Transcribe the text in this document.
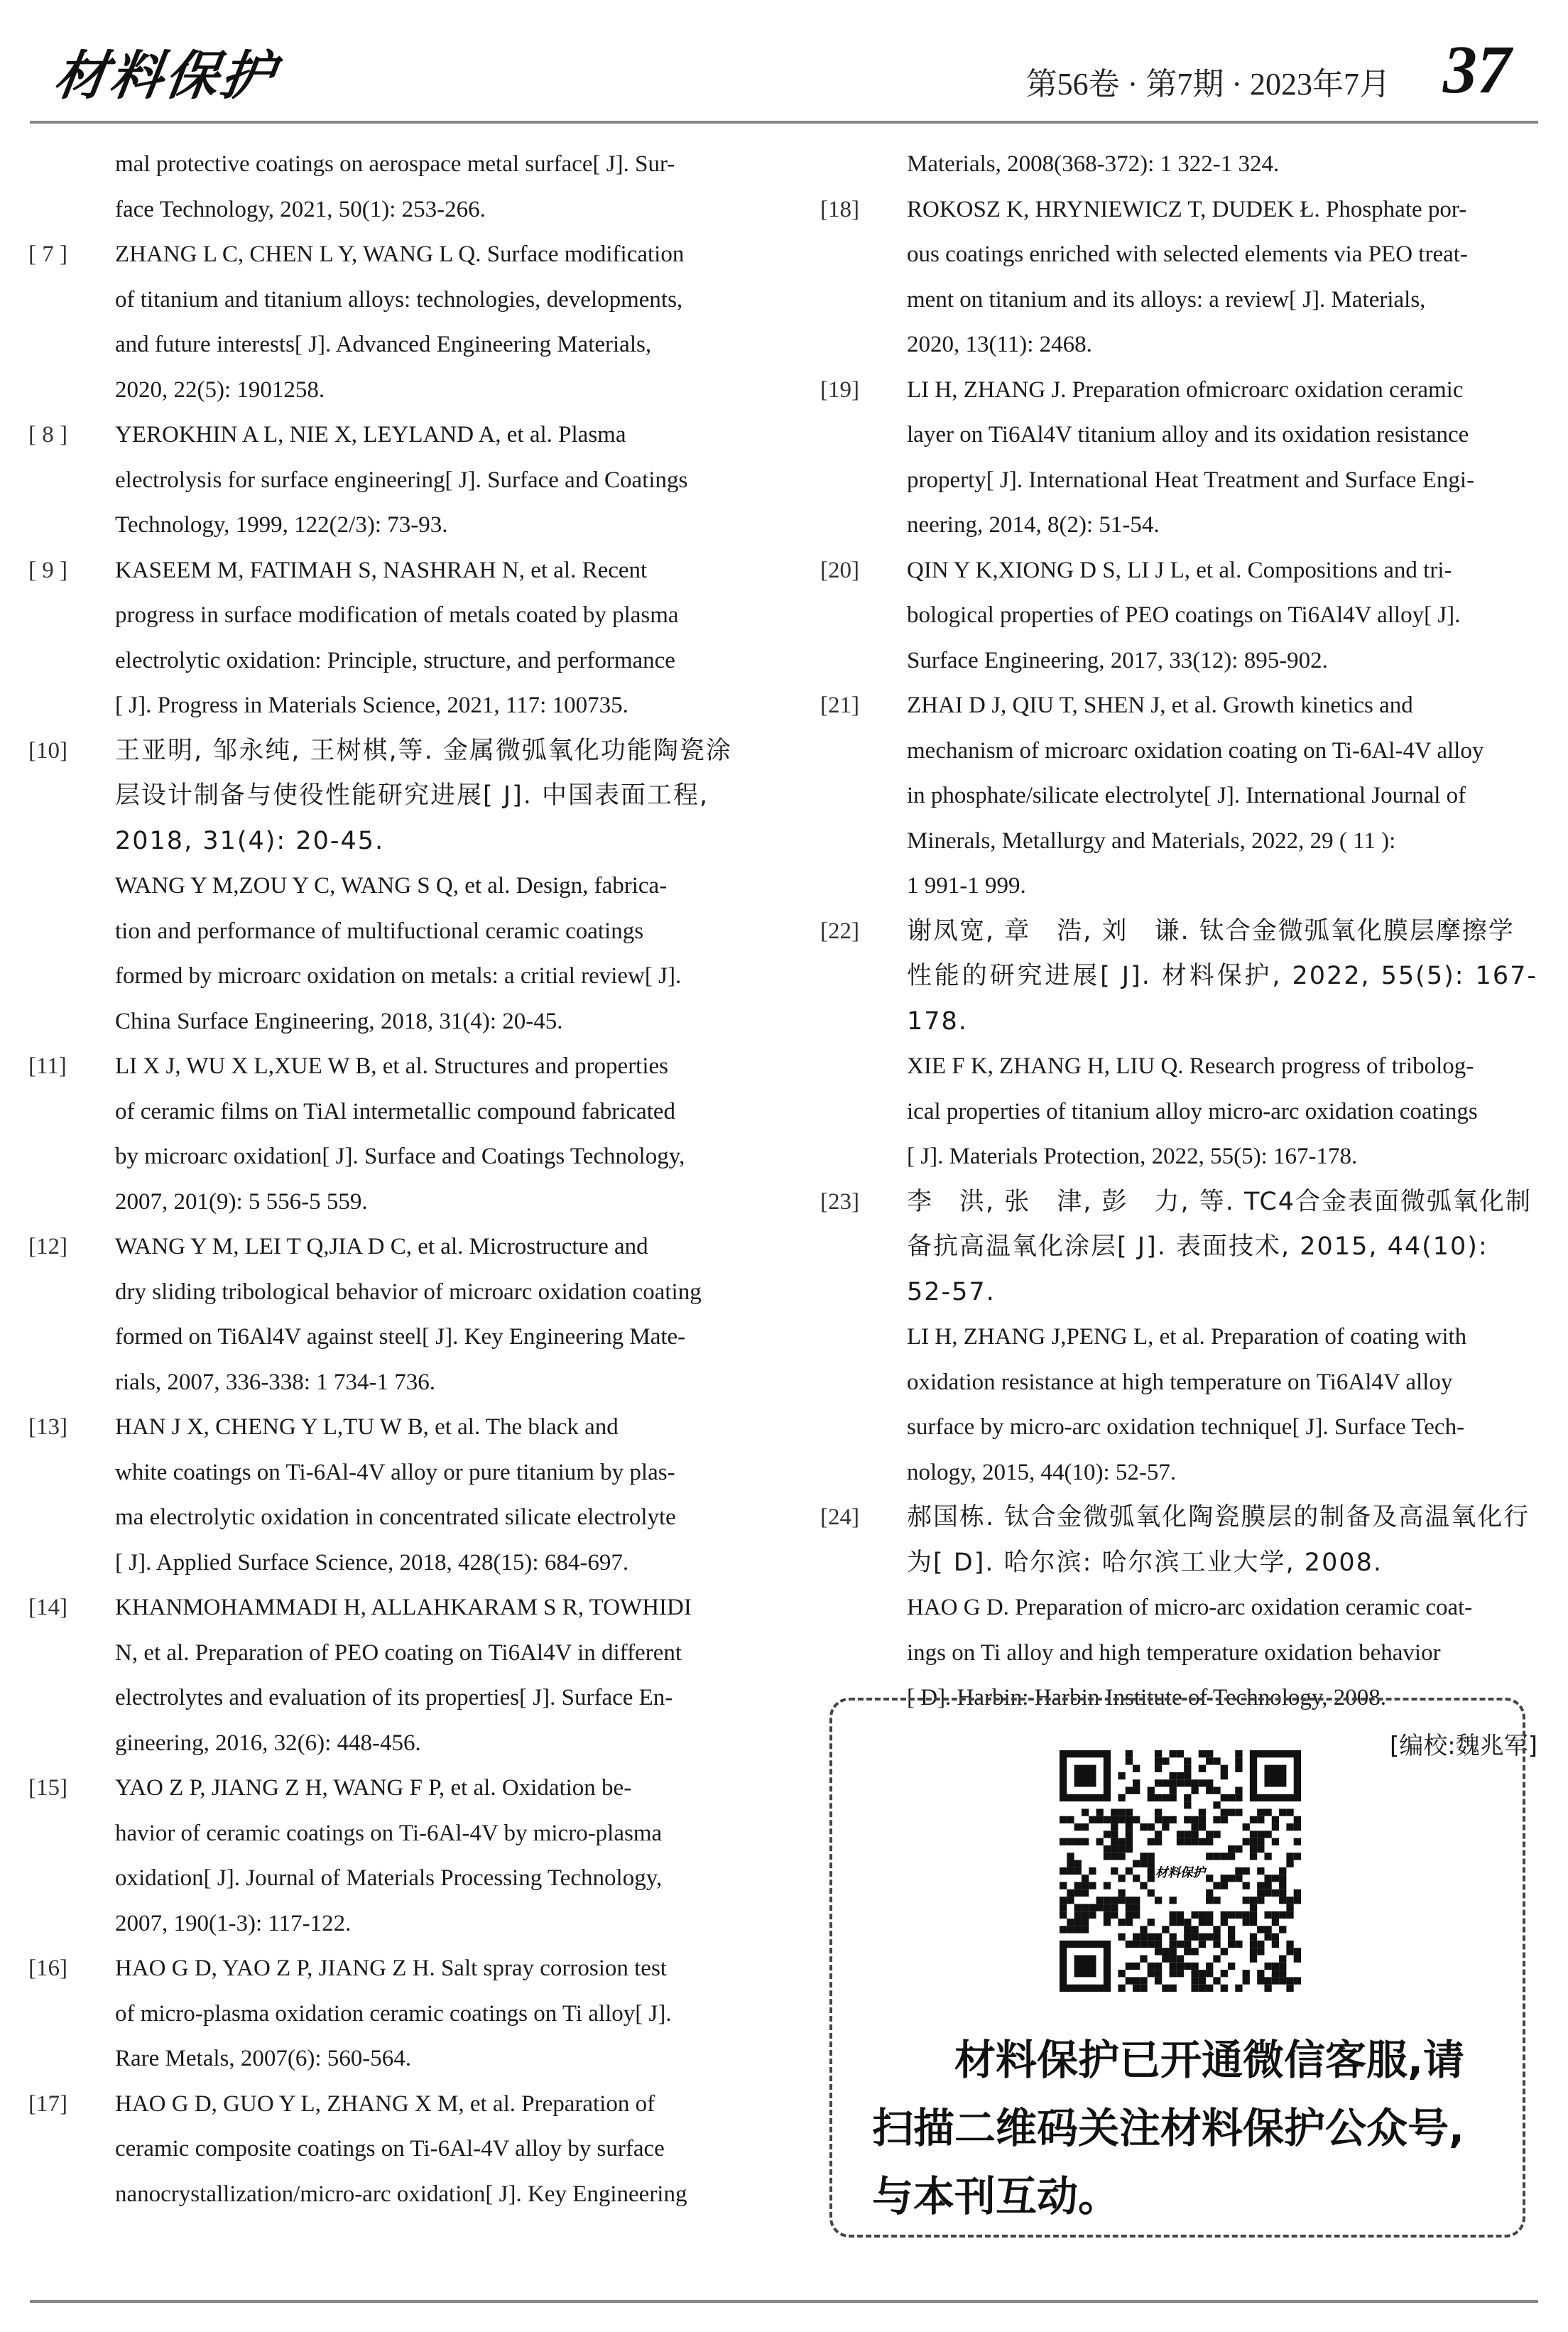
材料保护	第56卷 · 第7期 · 2023年7月 37
mal protective coatings on aerospace metal surface[ J]. Sur-
face Technology, 2021, 50(1): 253-266.
[ 7 ]	ZHANG L C, CHEN L Y, WANG L Q. Surface modification
of titanium and titanium alloys: technologies, developments,
and future interests[ J]. Advanced Engineering Materials,
2020, 22(5): 1901258.
[ 8 ]	YEROKHIN A L, NIE X, LEYLAND A, et al. Plasma
electrolysis for surface engineering[ J]. Surface and Coatings
Technology, 1999, 122(2/3): 73-93.
[ 9 ]	KASEEM M, FATIMAH S, NASHRAH N, et al. Recent
progress in surface modification of metals coated by plasma
electrolytic oxidation: Principle, structure, and performance
[ J]. Progress in Materials Science, 2021, 117: 100735.
[10]	王亚明, 邹永纯, 王树棋,等. 金属微弧氧化功能陶瓷涂
层设计制备与使役性能研究进展[ J]. 中国表面工程,
2018, 31(4): 20-45.
WANG Y M,ZOU Y C, WANG S Q, et al. Design, fabrica-
tion and performance of multifuctional ceramic coatings
formed by microarc oxidation on metals: a critial review[ J].
China Surface Engineering, 2018, 31(4): 20-45.
[11]	LI X J, WU X L,XUE W B, et al. Structures and properties
of ceramic films on TiAl intermetallic compound fabricated
by microarc oxidation[ J]. Surface and Coatings Technology,
2007, 201(9): 5 556-5 559.
[12]	WANG Y M, LEI T Q,JIA D C, et al. Microstructure and
dry sliding tribological behavior of microarc oxidation coating
formed on Ti6Al4V against steel[ J]. Key Engineering Mate-
rials, 2007, 336-338: 1 734-1 736.
[13]	HAN J X, CHENG Y L,TU W B, et al. The black and
white coatings on Ti-6Al-4V alloy or pure titanium by plas-
ma electrolytic oxidation in concentrated silicate electrolyte
[ J]. Applied Surface Science, 2018, 428(15): 684-697.
[14]	KHANMOHAMMADI H, ALLAHKARAM S R, TOWHIDI
N, et al. Preparation of PEO coating on Ti6Al4V in different
electrolytes and evaluation of its properties[ J]. Surface En-
gineering, 2016, 32(6): 448-456.
[15]	YAO Z P, JIANG Z H, WANG F P, et al. Oxidation be-
havior of ceramic coatings on Ti-6Al-4V by micro-plasma
oxidation[ J]. Journal of Materials Processing Technology,
2007, 190(1-3): 117-122.
[16]	HAO G D, YAO Z P, JIANG Z H. Salt spray corrosion test
of micro-plasma oxidation ceramic coatings on Ti alloy[ J].
Rare Metals, 2007(6): 560-564.
[17]	HAO G D, GUO Y L, ZHANG X M, et al. Preparation of
ceramic composite coatings on Ti-6Al-4V alloy by surface
nanocrystallization/micro-arc oxidation[ J]. Key Engineering
Materials, 2008(368-372): 1 322-1 324.
[18]	ROKOSZ K, HRYNIEWICZ T, DUDEK Ł. Phosphate por-
ous coatings enriched with selected elements via PEO treat-
ment on titanium and its alloys: a review[ J]. Materials,
2020, 13(11): 2468.
[19]	LI H, ZHANG J. Preparation ofmicroarc oxidation ceramic
layer on Ti6Al4V titanium alloy and its oxidation resistance
property[ J]. International Heat Treatment and Surface Engi-
neering, 2014, 8(2): 51-54.
[20]	QIN Y K,XIONG D S, LI J L, et al. Compositions and tri-
bological properties of PEO coatings on Ti6Al4V alloy[ J].
Surface Engineering, 2017, 33(12): 895-902.
[21]	ZHAI D J, QIU T, SHEN J, et al. Growth kinetics and
mechanism of microarc oxidation coating on Ti-6Al-4V alloy
in phosphate/silicate electrolyte[ J]. International Journal of
Minerals, Metallurgy and Materials, 2022, 29 ( 11 ):
1 991-1 999.
[22]	谢凤宽, 章　浩, 刘　谦. 钛合金微弧氧化膜层摩擦学
性能的研究进展[ J]. 材料保护, 2022, 55(5): 167-178.
XIE F K, ZHANG H, LIU Q. Research progress of tribolog-
ical properties of titanium alloy micro-arc oxidation coatings
[ J]. Materials Protection, 2022, 55(5): 167-178.
[23]	李　洪, 张　津, 彭　力, 等. TC4合金表面微弧氧化制
备抗高温氧化涂层[ J]. 表面技术, 2015, 44(10):
52-57.
LI H, ZHANG J,PENG L, et al. Preparation of coating with
oxidation resistance at high temperature on Ti6Al4V alloy
surface by micro-arc oxidation technique[ J]. Surface Tech-
nology, 2015, 44(10): 52-57.
[24]	郝国栋. 钛合金微弧氧化陶瓷膜层的制备及高温氧化行
为[ D]. 哈尔滨: 哈尔滨工业大学, 2008.
HAO G D. Preparation of micro-arc oxidation ceramic coat-
ings on Ti alloy and high temperature oxidation behavior
[ D]. Harbin: Harbin Institute of Technology, 2008.
[编校:魏兆军]
材料保护
　　材料保护已开通微信客服,请扫描二维码关注材料保护公众号,与本刊互动。
